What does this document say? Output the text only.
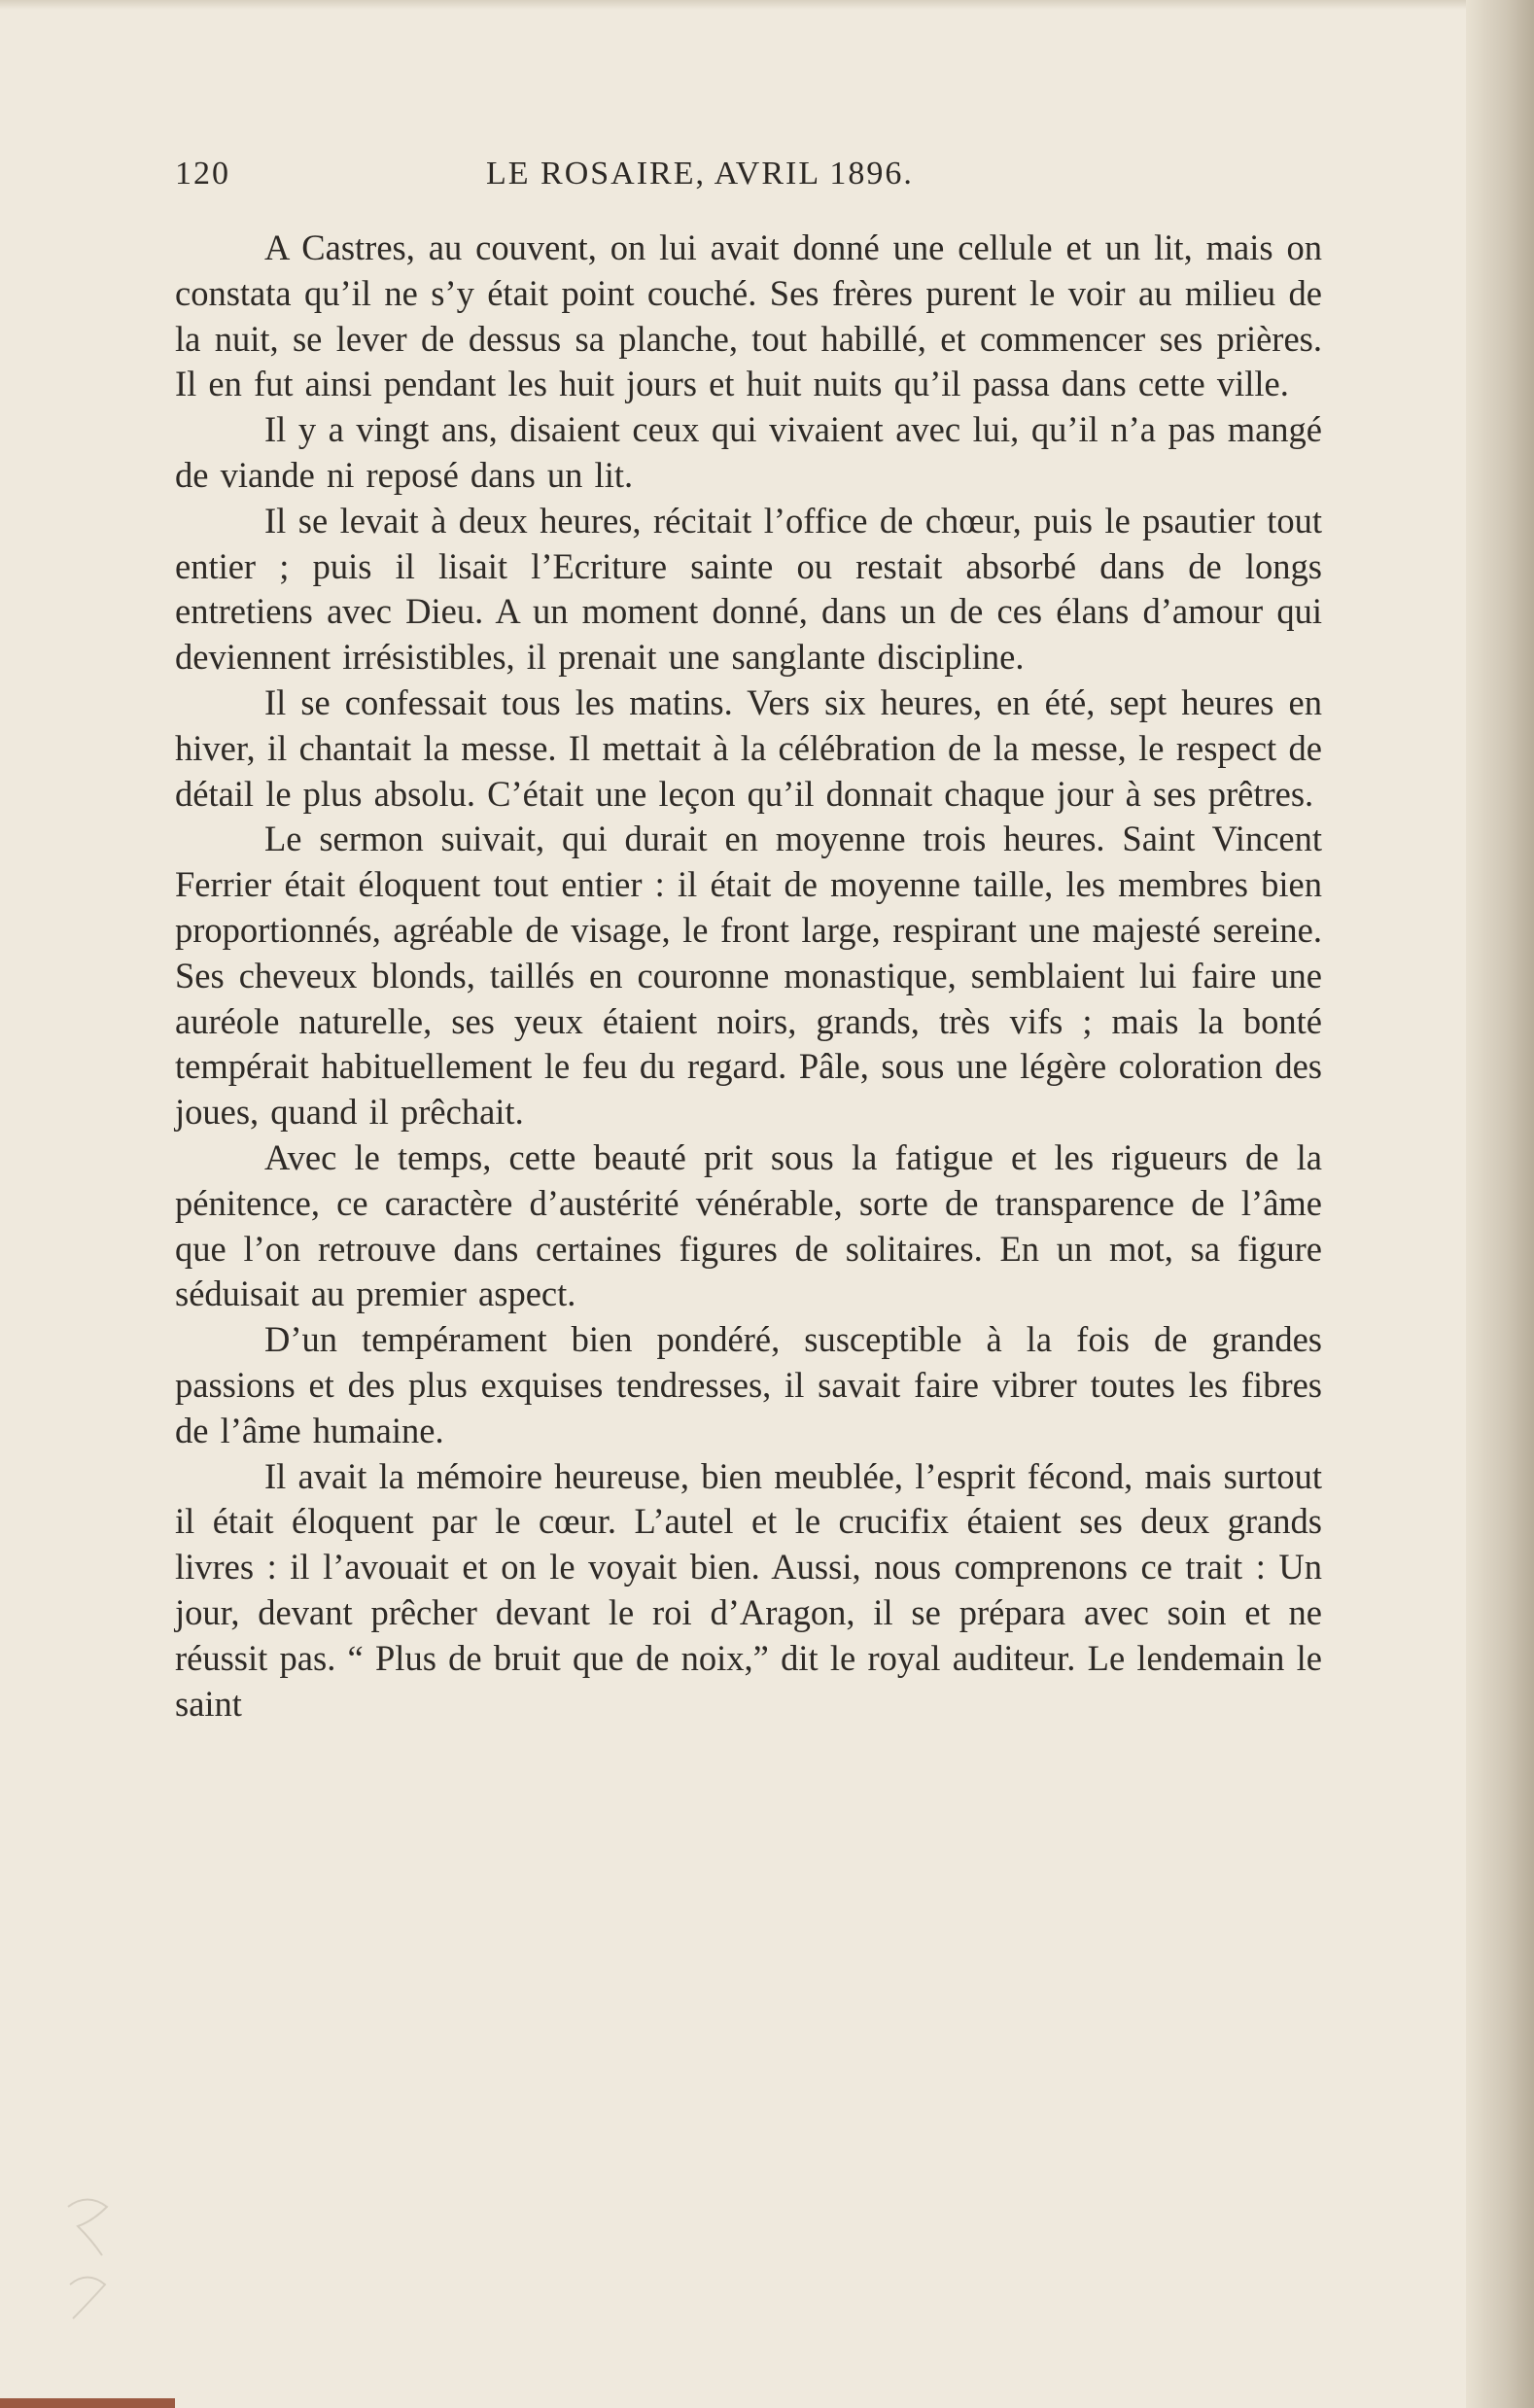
120	LE ROSAIRE, AVRIL 1896.

A Castres, au couvent, on lui avait donné une cellule et un lit, mais on constata qu’il ne s’y était point couché. Ses frères purent le voir au milieu de la nuit, se lever de dessus sa planche, tout habillé, et commencer ses prières. Il en fut ainsi pendant les huit jours et huit nuits qu’il passa dans cette ville.

Il y a vingt ans, disaient ceux qui vivaient avec lui, qu’il n’a pas mangé de viande ni reposé dans un lit.

Il se levait à deux heures, récitait l’office de chœur, puis le psautier tout entier ; puis il lisait l’Ecriture sainte ou restait absorbé dans de longs entretiens avec Dieu. A un moment donné, dans un de ces élans d’amour qui deviennent irrésistibles, il prenait une sanglante discipline.

Il se confessait tous les matins. Vers six heures, en été, sept heures en hiver, il chantait la messe. Il mettait à la célébration de la messe, le respect de détail le plus absolu. C’était une leçon qu’il donnait chaque jour à ses prêtres.

Le sermon suivait, qui durait en moyenne trois heures. Saint Vincent Ferrier était éloquent tout entier : il était de moyenne taille, les membres bien proportionnés, agréable de visage, le front large, respirant une majesté sereine. Ses cheveux blonds, taillés en couronne monastique, semblaient lui faire une auréole naturelle, ses yeux étaient noirs, grands, très vifs ; mais la bonté tempérait habituellement le feu du regard. Pâle, sous une légère coloration des joues, quand il prêchait.

Avec le temps, cette beauté prit sous la fatigue et les rigueurs de la pénitence, ce caractère d’austérité vénérable, sorte de transparence de l’âme que l’on retrouve dans certaines figures de solitaires. En un mot, sa figure séduisait au premier aspect.

D’un tempérament bien pondéré, susceptible à la fois de grandes passions et des plus exquises tendresses, il savait faire vibrer toutes les fibres de l’âme humaine.

Il avait la mémoire heureuse, bien meublée, l’esprit fécond, mais surtout il était éloquent par le cœur. L’autel et le crucifix étaient ses deux grands livres : il l’avouait et on le voyait bien. Aussi, nous comprenons ce trait : Un jour, devant prêcher devant le roi d’Aragon, il se prépara avec soin et ne réussit pas. “ Plus de bruit que de noix,” dit le royal auditeur. Le lendemain le saint
